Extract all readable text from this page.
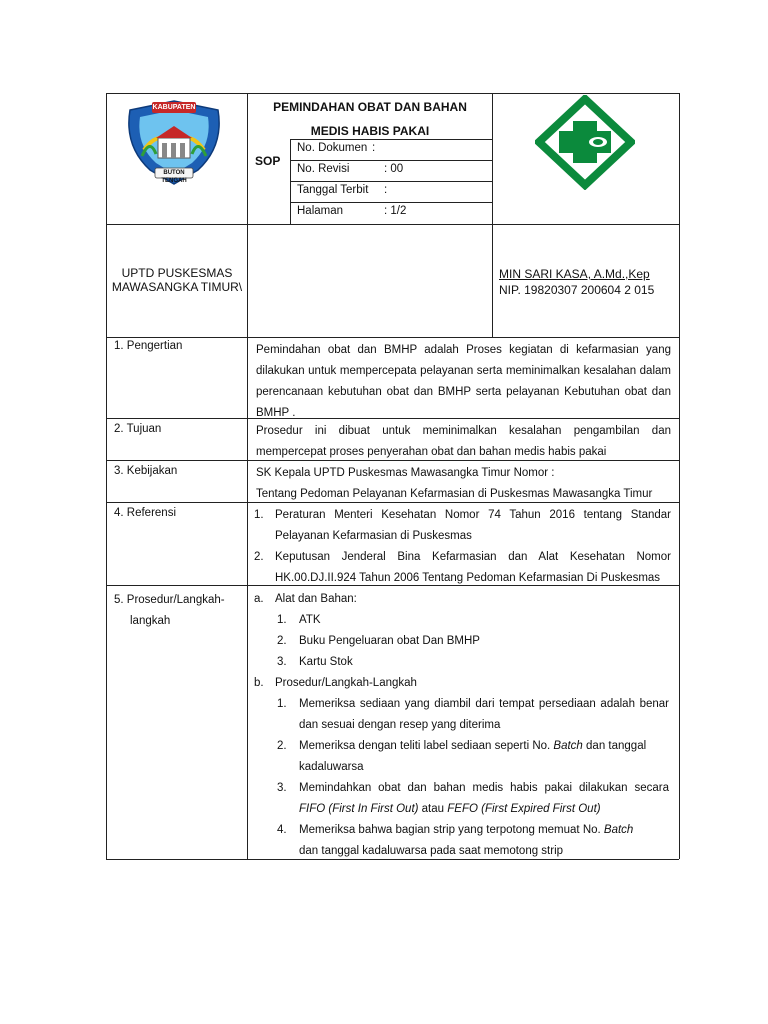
KABUPATEN
BUTON TENGAH
PEMINDAHAN OBAT DAN BAHAN
MEDIS HABIS PAKAI
SOP
No. Dokumen :
No. Revisi	: 00
Tanggal Terbit :
Halaman	: 1/2
UPTD PUSKESMAS
MAWASANGKA TIMUR\
MIN SARI KASA, A.Md.,Kep
NIP. 19820307 200604 2 015
1. Pengertian	Pemindahan obat dan BMHP adalah Proses kegiatan di kefarmasian yang
dilakukan untuk mempercepata pelayanan serta meminimalkan kesalahan dalam
perencanaan kebutuhan obat dan BMHP serta pelayanan Kebutuhan obat dan
BMHP .
2. Tujuan	Prosedur ini dibuat untuk meminimalkan kesalahan pengambilan dan
mempercepat proses penyerahan obat dan bahan medis habis pakai
3. Kebijakan	SK Kepala UPTD Puskesmas Mawasangka Timur Nomor :
Tentang Pedoman Pelayanan Kefarmasian di Puskesmas Mawasangka Timur
4. Referensi	1. Peraturan Menteri Kesehatan Nomor 74 Tahun 2016 tentang Standar
Pelayanan Kefarmasian di Puskesmas
2. Keputusan Jenderal Bina Kefarmasian dan Alat Kesehatan Nomor
HK.00.DJ.II.924 Tahun 2006 Tentang Pedoman Kefarmasian Di Puskesmas
5. Prosedur/Langkah-
langkah
a. Alat dan Bahan:
1. ATK
2. Buku Pengeluaran obat Dan BMHP
3. Kartu Stok
b. Prosedur/Langkah-Langkah
1. Memeriksa sediaan yang diambil dari tempat persediaan adalah benar
dan sesuai dengan resep yang diterima
2. Memeriksa dengan teliti label sediaan seperti No. Batch dan tanggal
kadaluwarsa
3. Memindahkan obat dan bahan medis habis pakai dilakukan secara
FIFO (First In First Out) atau FEFO (First Expired First Out)
4. Memeriksa bahwa bagian strip yang terpotong memuat No. Batch
dan tanggal kadaluwarsa pada saat memotong strip
